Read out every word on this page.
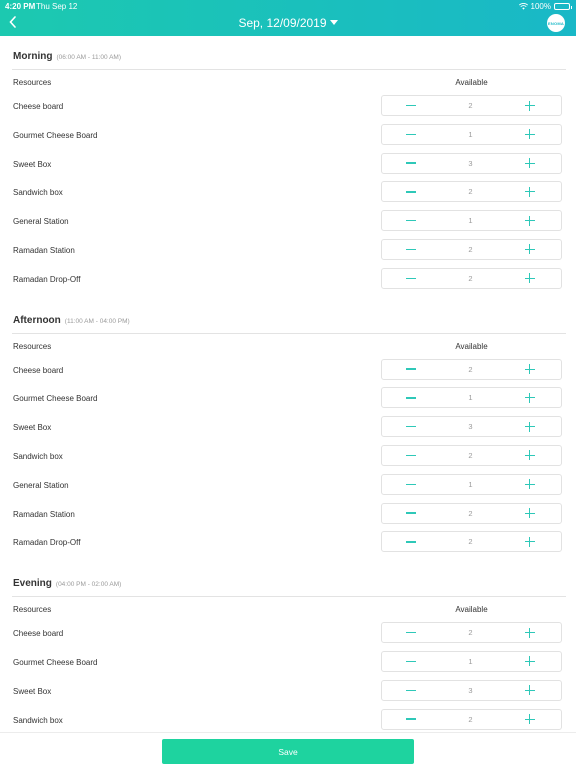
4:20 PM Thu Sep 12	100%
Sep, 12/09/2019	ENOMA
Morning (06:00 AM - 11:00 AM)
Resources	Available
Cheese board	2
Gourmet Cheese Board	1
Sweet Box	3
Sandwich box	2
General Station	1
Ramadan Station	2
Ramadan Drop-Off	2
Afternoon (11:00 AM - 04:00 PM)
Resources	Available
Cheese board	2
Gourmet Cheese Board	1
Sweet Box	3
Sandwich box	2
General Station	1
Ramadan Station	2
Ramadan Drop-Off	2
Evening (04:00 PM - 02:00 AM)
Resources	Available
Cheese board	2
Gourmet Cheese Board	1
Sweet Box	3
Sandwich box	2
Save
